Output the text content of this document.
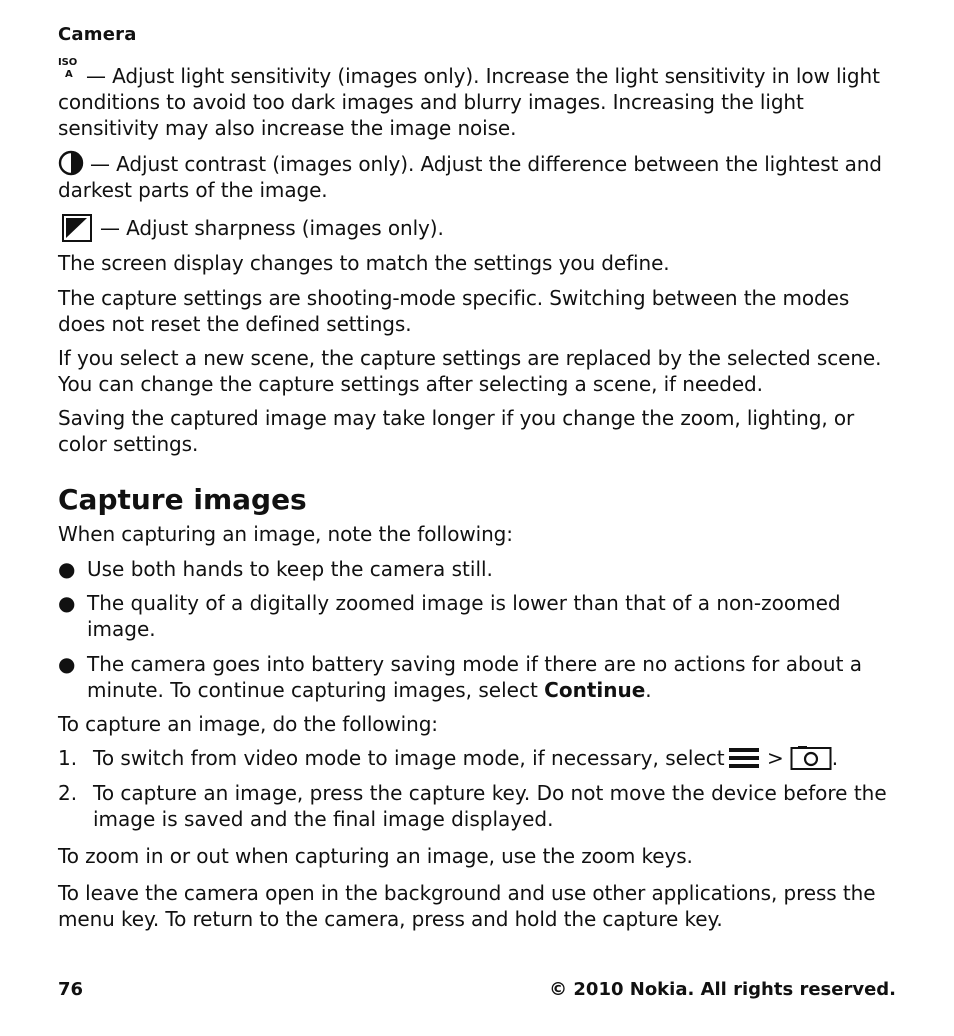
Camera
ISO
A — Adjust light sensitivity (images only). Increase the light sensitivity in low light conditions to avoid too dark images and blurry images. Increasing the light sensitivity may also increase the image noise.
— Adjust contrast (images only). Adjust the difference between the lightest and darkest parts of the image.
— Adjust sharpness (images only).
The screen display changes to match the settings you define.
The capture settings are shooting-mode specific. Switching between the modes does not reset the defined settings.
If you select a new scene, the capture settings are replaced by the selected scene. You can change the capture settings after selecting a scene, if needed.
Saving the captured image may take longer if you change the zoom, lighting, or color settings.
Capture images
When capturing an image, note the following:
● Use both hands to keep the camera still.
● The quality of a digitally zoomed image is lower than that of a non-zoomed image.
● The camera goes into battery saving mode if there are no actions for about a minute. To continue capturing images, select Continue.
To capture an image, do the following:
1. To switch from video mode to image mode, if necessary, select > .
2. To capture an image, press the capture key. Do not move the device before the image is saved and the final image displayed.
To zoom in or out when capturing an image, use the zoom keys.
To leave the camera open in the background and use other applications, press the menu key. To return to the camera, press and hold the capture key.
76	© 2010 Nokia. All rights reserved.
